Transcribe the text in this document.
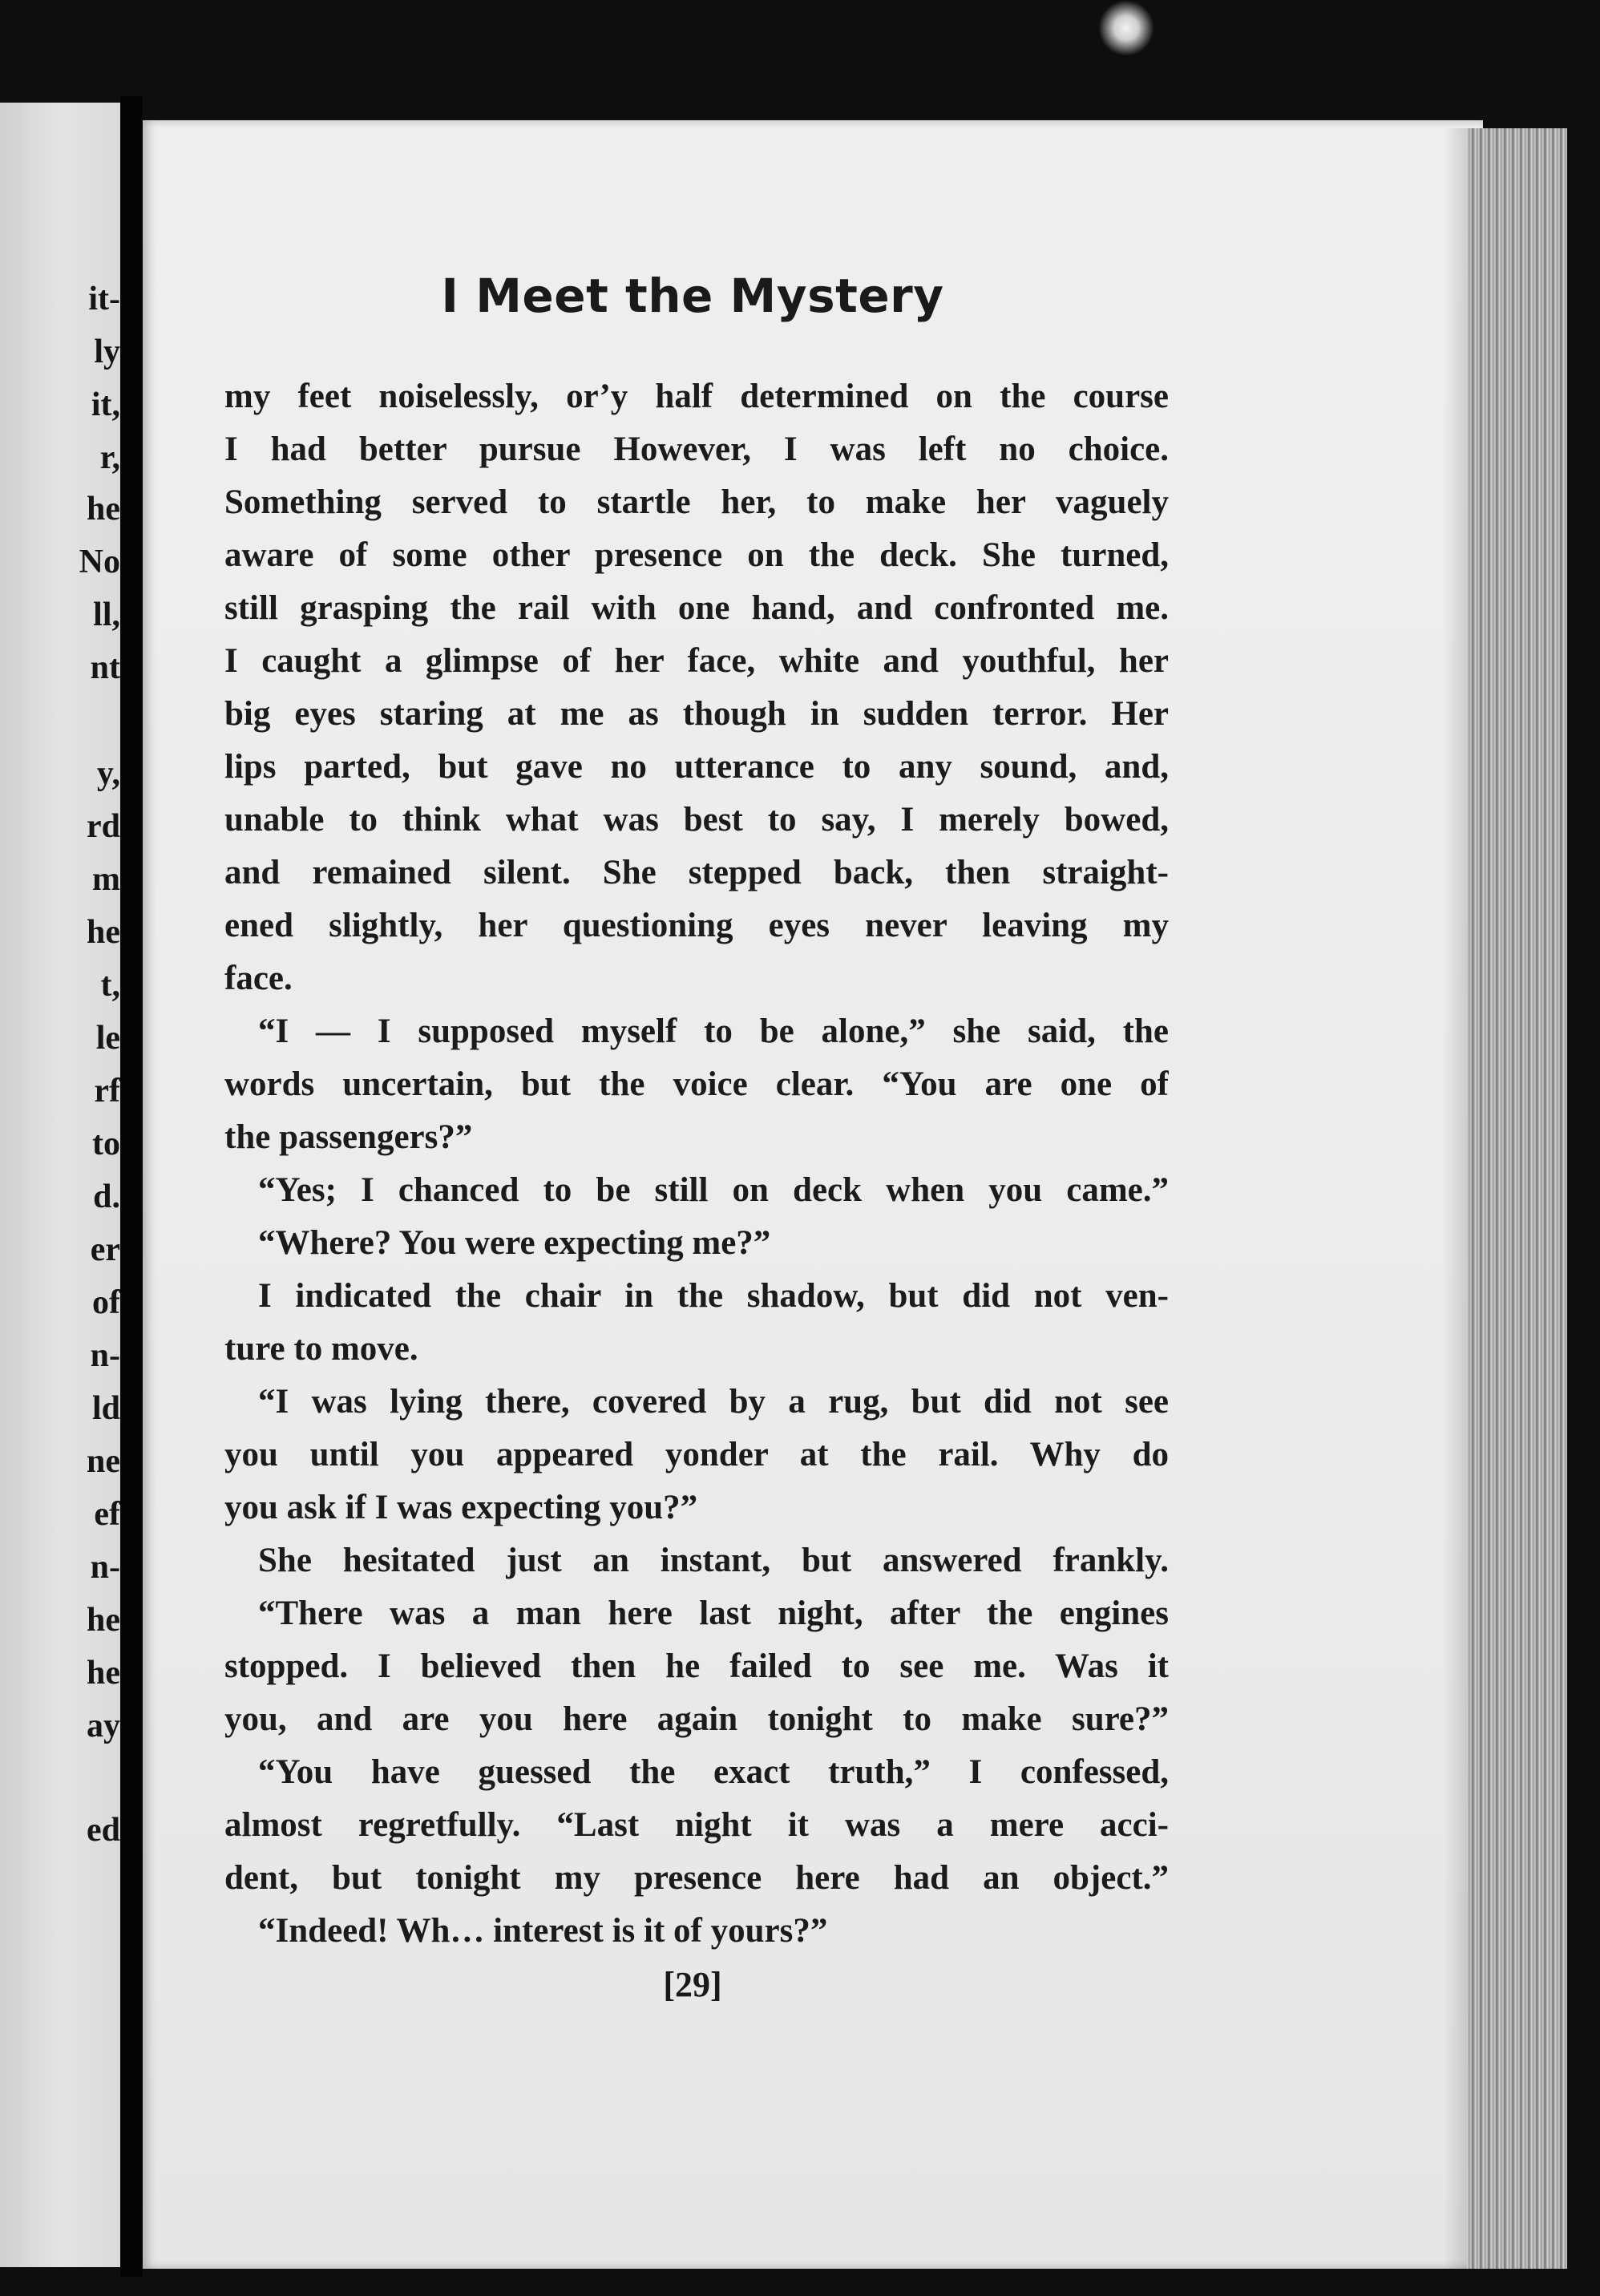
it-
ly
it,
r,
he
No
ll,
nt
y,
rd
m
he
t,
le
rf
to
d.
er
of
n-
ld
ne
ef
n-
he
he
ay
ed
I Meet the Mystery
my feet noiselessly, or’y half determined on the course
I had better pursue However, I was left no choice.
Something served to startle her, to make her vaguely
aware of some other presence on the deck. She turned,
still grasping the rail with one hand, and confronted me.
I caught a glimpse of her face, white and youthful, her
big eyes staring at me as though in sudden terror. Her
lips parted, but gave no utterance to any sound, and,
unable to think what was best to say, I merely bowed,
and remained silent. She stepped back, then straight-
ened slightly, her questioning eyes never leaving my
face.
“I — I supposed myself to be alone,” she said, the
words uncertain, but the voice clear. “You are one of
the passengers?”
“Yes; I chanced to be still on deck when you came.”
“Where? You were expecting me?”
I indicated the chair in the shadow, but did not ven-
ture to move.
“I was lying there, covered by a rug, but did not see
you until you appeared yonder at the rail. Why do
you ask if I was expecting you?”
She hesitated just an instant, but answered frankly.
“There was a man here last night, after the engines
stopped. I believed then he failed to see me. Was it
you, and are you here again tonight to make sure?”
“You have guessed the exact truth,” I confessed,
almost regretfully. “Last night it was a mere acci-
dent, but tonight my presence here had an object.”
“Indeed! Wh… interest is it of yours?”
[29]
